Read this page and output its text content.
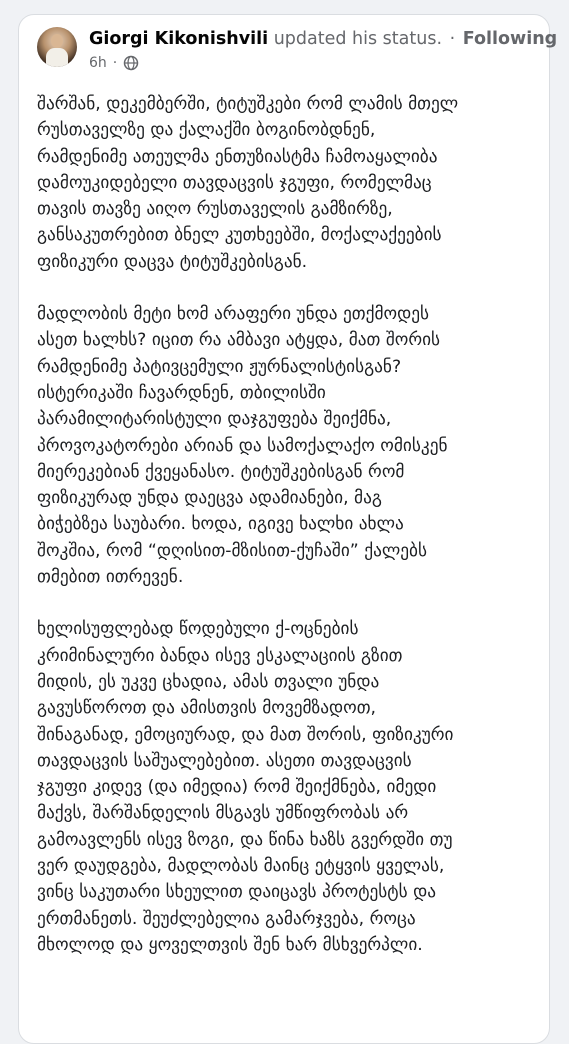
Giorgi Kikonishvili updated his status. · Following
6h ·

შარშან, დეკემბერში, ტიტუშკები რომ ლამის მთელ
რუსთაველზე და ქალაქში ბოგინობდნენ,
რამდენიმე ათეულმა ენთუზიასტმა ჩამოაყალიბა
დამოუკიდებელი თავდაცვის ჯგუფი, რომელმაც
თავის თავზე აიღო რუსთაველის გამზირზე,
განსაკუთრებით ბნელ კუთხეებში, მოქალაქეების
ფიზიკური დაცვა ტიტუშკებისგან.

მადლობის მეტი ხომ არაფერი უნდა ეთქმოდეს
ასეთ ხალხს? იცით რა ამბავი ატყდა, მათ შორის
რამდენიმე პატივცემული ჟურნალისტისგან?
ისტერიკაში ჩავარდნენ, თბილისში
პარამილიტარისტული დაჯგუფება შეიქმნა,
პროვოკატორები არიან და სამოქალაქო ომისკენ
მიერეკებიან ქვეყანასო. ტიტუშკებისგან რომ
ფიზიკურად უნდა დაეცვა ადამიანები, მაგ
ბიჭებზეა საუბარი. ხოდა, იგივე ხალხი ახლა
შოკშია, რომ “დღისით-მზისით-ქუჩაში” ქალებს
თმებით ითრევენ.

ხელისუფლებად წოდებული ქ-ოცნების
კრიმინალური ბანდა ისევ ესკალაციის გზით
მიდის, ეს უკვე ცხადია, ამას თვალი უნდა
გავუსწოროთ და ამისთვის მოვემზადოთ,
შინაგანად, ემოციურად, და მათ შორის, ფიზიკური
თავდაცვის საშუალებებით. ასეთი თავდაცვის
ჯგუფი კიდევ (და იმედია) რომ შეიქმნება, იმედი
მაქვს, შარშანდელის მსგავს უმწიფრობას არ
გამოავლენს ისევ ზოგი, და წინა ხაზს გვერდში თუ
ვერ დაუდგება, მადლობას მაინც ეტყვის ყველას,
ვინც საკუთარი სხეულით დაიცავს პროტესტს და
ერთმანეთს. შეუძლებელია გამარჯვება, როცა
მხოლოდ და ყოველთვის შენ ხარ მსხვერპლი.
